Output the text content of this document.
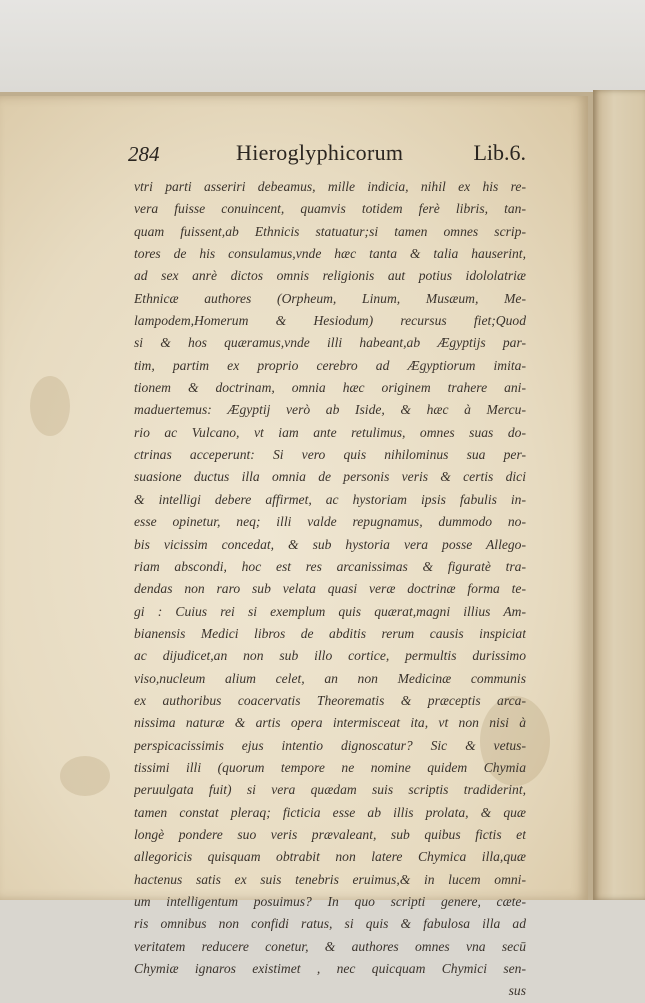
284	Hieroglyphicorum	Lib.6.
vtri parti asseriri debeamus, mille indicia, nihil ex his re-
vera fuisse conuincent, quamvis totidem ferè libris, tan-
quam fuissent,ab Ethnicis statuatur;si tamen omnes scrip-
tores de his consulamus,vnde hæc tanta & talia hauserint,
ad sex anrè dictos omnis religionis aut potius idololatriæ
Ethnicæ authores (Orpheum, Linum, Musæum, Me-
lampodem,Homerum & Hesiodum) recursus fiet;Quod
si & hos quæramus,vnde illi habeant,ab Ægyptijs par-
tim, partim ex proprio cerebro ad Ægyptiorum imita-
tionem & doctrinam, omnia hæc originem trahere ani-
maduertemus: Ægyptij verò ab Iside, & hæc à Mercu-
rio ac Vulcano, vt iam ante retulimus, omnes suas do-
ctrinas acceperunt: Si vero quis nihilominus sua per-
suasione ductus illa omnia de personis veris & certis dici
& intelligi debere affirmet, ac hystoriam ipsis fabulis in-
esse opinetur, neq; illi valde repugnamus, dummodo no-
bis vicissim concedat, & sub hystoria vera posse Allego-
riam abscondi, hoc est res arcanissimas & figuratè tra-
dendas non raro sub velata quasi veræ doctrinæ forma te-
gi : Cuius rei si exemplum quis quærat,magni illius Am-
bianensis Medici libros de abditis rerum causis inspiciat
ac dijudicet,an non sub illo cortice, permultis durissimo
viso,nucleum alium celet, an non Medicinæ communis
ex authoribus coacervatis Theorematis & præceptis arca-
nissima naturæ & artis opera intermisceat ita, vt non nisi à
perspicacissimis ejus intentio dignoscatur? Sic & vetus-
tissimi illi (quorum tempore ne nomine quidem Chymia
peruulgata fuit) si vera quædam suis scriptis tradiderint,
tamen constat pleraq; ficticia esse ab illis prolata, & quæ
longè pondere suo veris prævaleant, sub quibus fictis et
allegoricis quisquam obtrabit non latere Chymica illa,quæ
hactenus satis ex suis tenebris eruimus,& in lucem omni-
um intelligentum posuimus? In quo scripti genere, cæte-
ris omnibus non confidi ratus, si quis & fabulosa illa ad
veritatem reducere conetur, & authores omnes vna secū
Chymiæ ignaros existimet , nec quicquam Chymici sen-
sus
